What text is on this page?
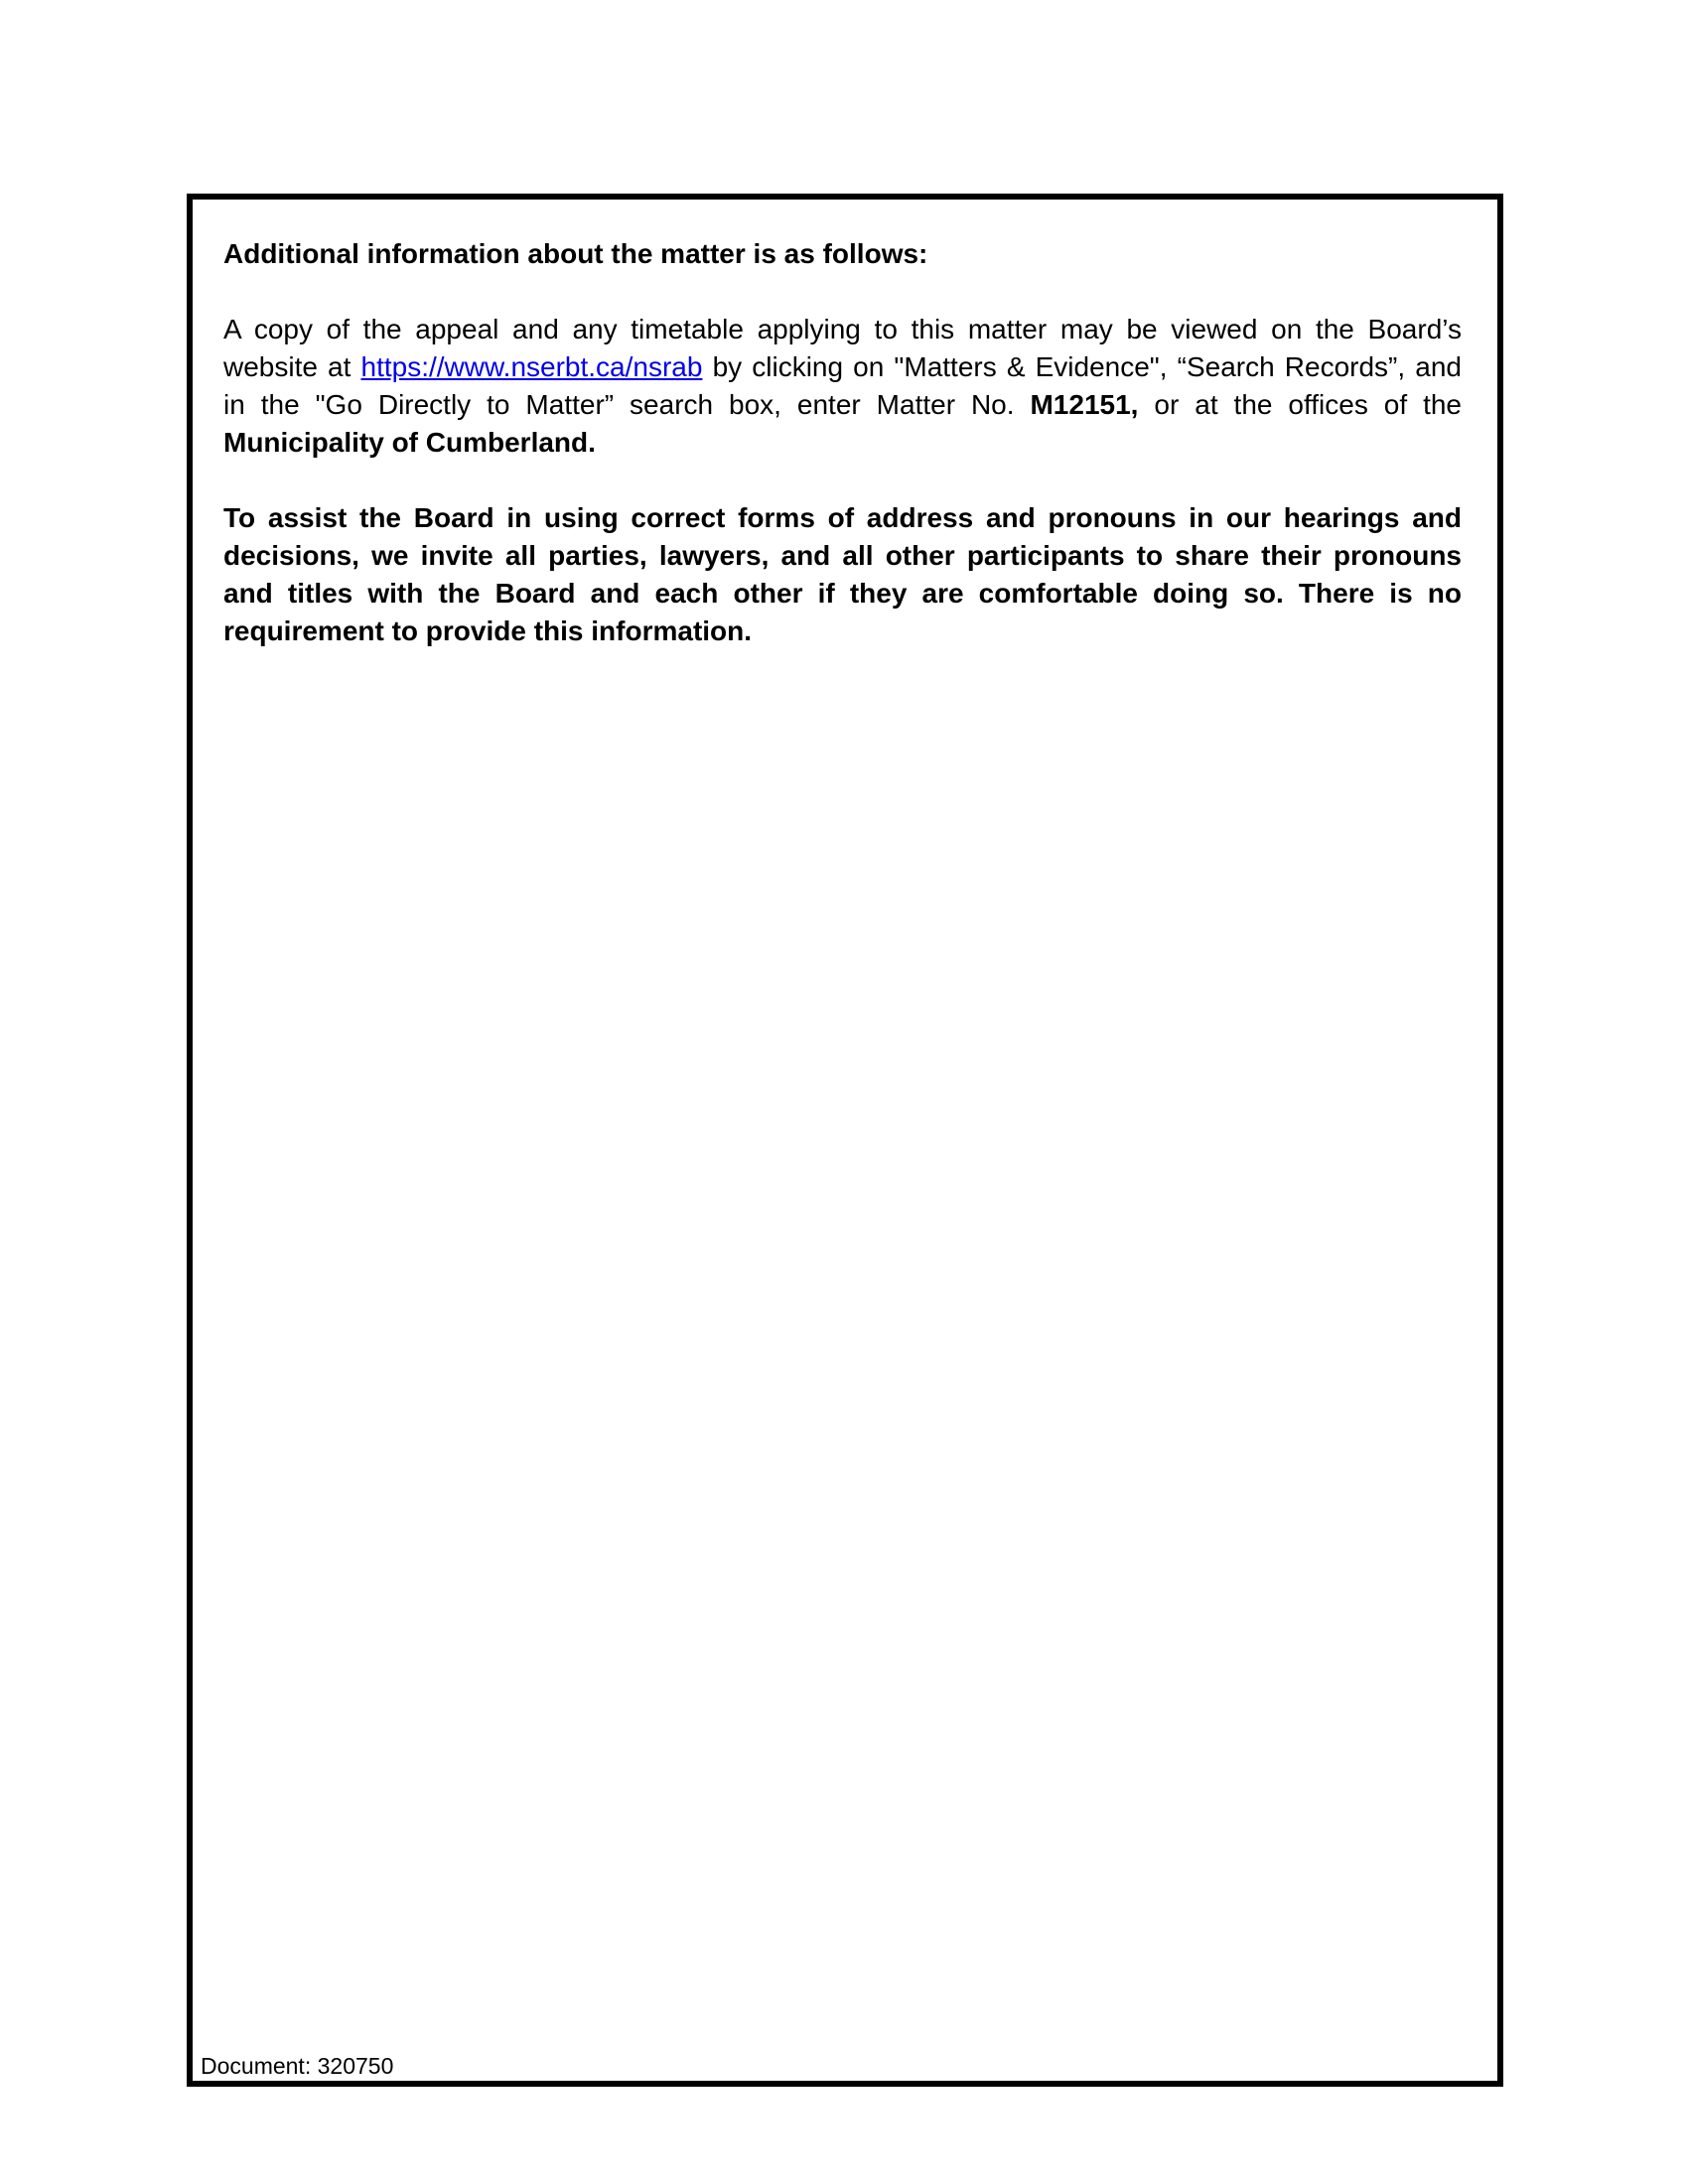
Additional information about the matter is as follows:

A copy of the appeal and any timetable applying to this matter may be viewed on the Board’s website at https://www.nserbt.ca/nsrab by clicking on "Matters & Evidence", “Search Records”, and in the "Go Directly to Matter” search box, enter Matter No. M12151, or at the offices of the Municipality of Cumberland.

To assist the Board in using correct forms of address and pronouns in our hearings and decisions, we invite all parties, lawyers, and all other participants to share their pronouns and titles with the Board and each other if they are comfortable doing so. There is no requirement to provide this information.

Document: 320750
